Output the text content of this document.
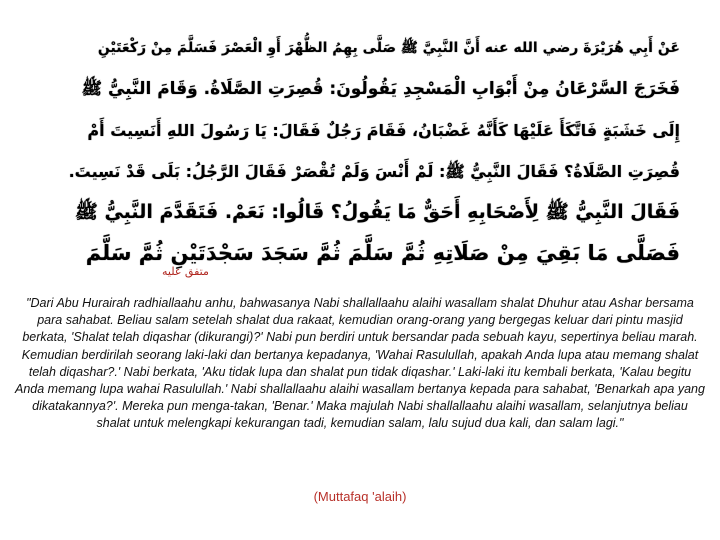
عَنْ أَبِي هُرَيْرَةَ رضي الله عنه أَنَّ النَّبِيَّ ﷺ صَلَّى بِهِمُ الظُّهْرَ أَوِ الْعَصْرَ فَسَلَّمَ مِنْ رَكْعَتَيْنِ
فَخَرَجَ السَّرْعَانُ مِنْ أَبْوَابِ الْمَسْجِدِ يَقُولُونَ: قُصِرَتِ الصَّلَاةُ. وَقَامَ النَّبِيُّ ﷺ
إِلَى خَشَبَةٍ فَاتَّكَأَ عَلَيْهَا كَأَنَّهُ غَضْبَانُ، فَقَامَ رَجُلٌ فَقَالَ: يَا رَسُولَ اللهِ أَنَسِيتَ أَمْ
قُصِرَتِ الصَّلَاةُ؟ فَقَالَ النَّبِيُّ ﷺ: لَمْ أَنْسَ وَلَمْ تُقْصَرْ فَقَالَ الرَّجُلُ: بَلَى قَدْ نَسِيتَ.
فَقَالَ النَّبِيُّ ﷺ لِأَصْحَابِهِ أَحَقٌّ مَا يَقُولُ؟ قَالُوا: نَعَمْ. فَتَقَدَّمَ النَّبِيُّ ﷺ
فَصَلَّى مَا بَقِيَ مِنْ صَلَاتِهِ ثُمَّ سَلَّمَ ثُمَّ سَجَدَ سَجْدَتَيْنِ ثُمَّ سَلَّمَ
متفق عليه

"Dari Abu Hurairah radhiallaahu anhu, bahwasanya Nabi shallallaahu alaihi wasallam shalat Dhuhur atau Ashar bersama para sahabat. Beliau salam setelah shalat dua rakaat, kemudian orang-orang yang bergegas keluar dari pintu masjid berkata, 'Shalat telah diqashar (dikurangi)?' Nabi pun berdiri untuk bersandar pada sebuah kayu, sepertinya beliau marah. Kemudian berdirilah seorang laki-laki dan bertanya kepadanya, 'Wahai Rasulullah, apakah Anda lupa atau memang shalat telah diqashar?.' Nabi berkata, 'Aku tidak lupa dan shalat pun tidak diqashar.' Laki-laki itu kembali berkata, 'Kalau begitu Anda memang lupa wahai Rasulullah.' Nabi shallallaahu alaihi wasallam bertanya kepada para sahabat, 'Benarkah apa yang dikatakannya?'. Mereka pun menga-takan, 'Benar.' Maka majulah Nabi shallallaahu alaihi wasallam, selanjutnya beliau shalat untuk melengkapi kekurangan tadi, kemudian salam, lalu sujud dua kali, dan salam lagi."

(Muttafaq 'alaih)
